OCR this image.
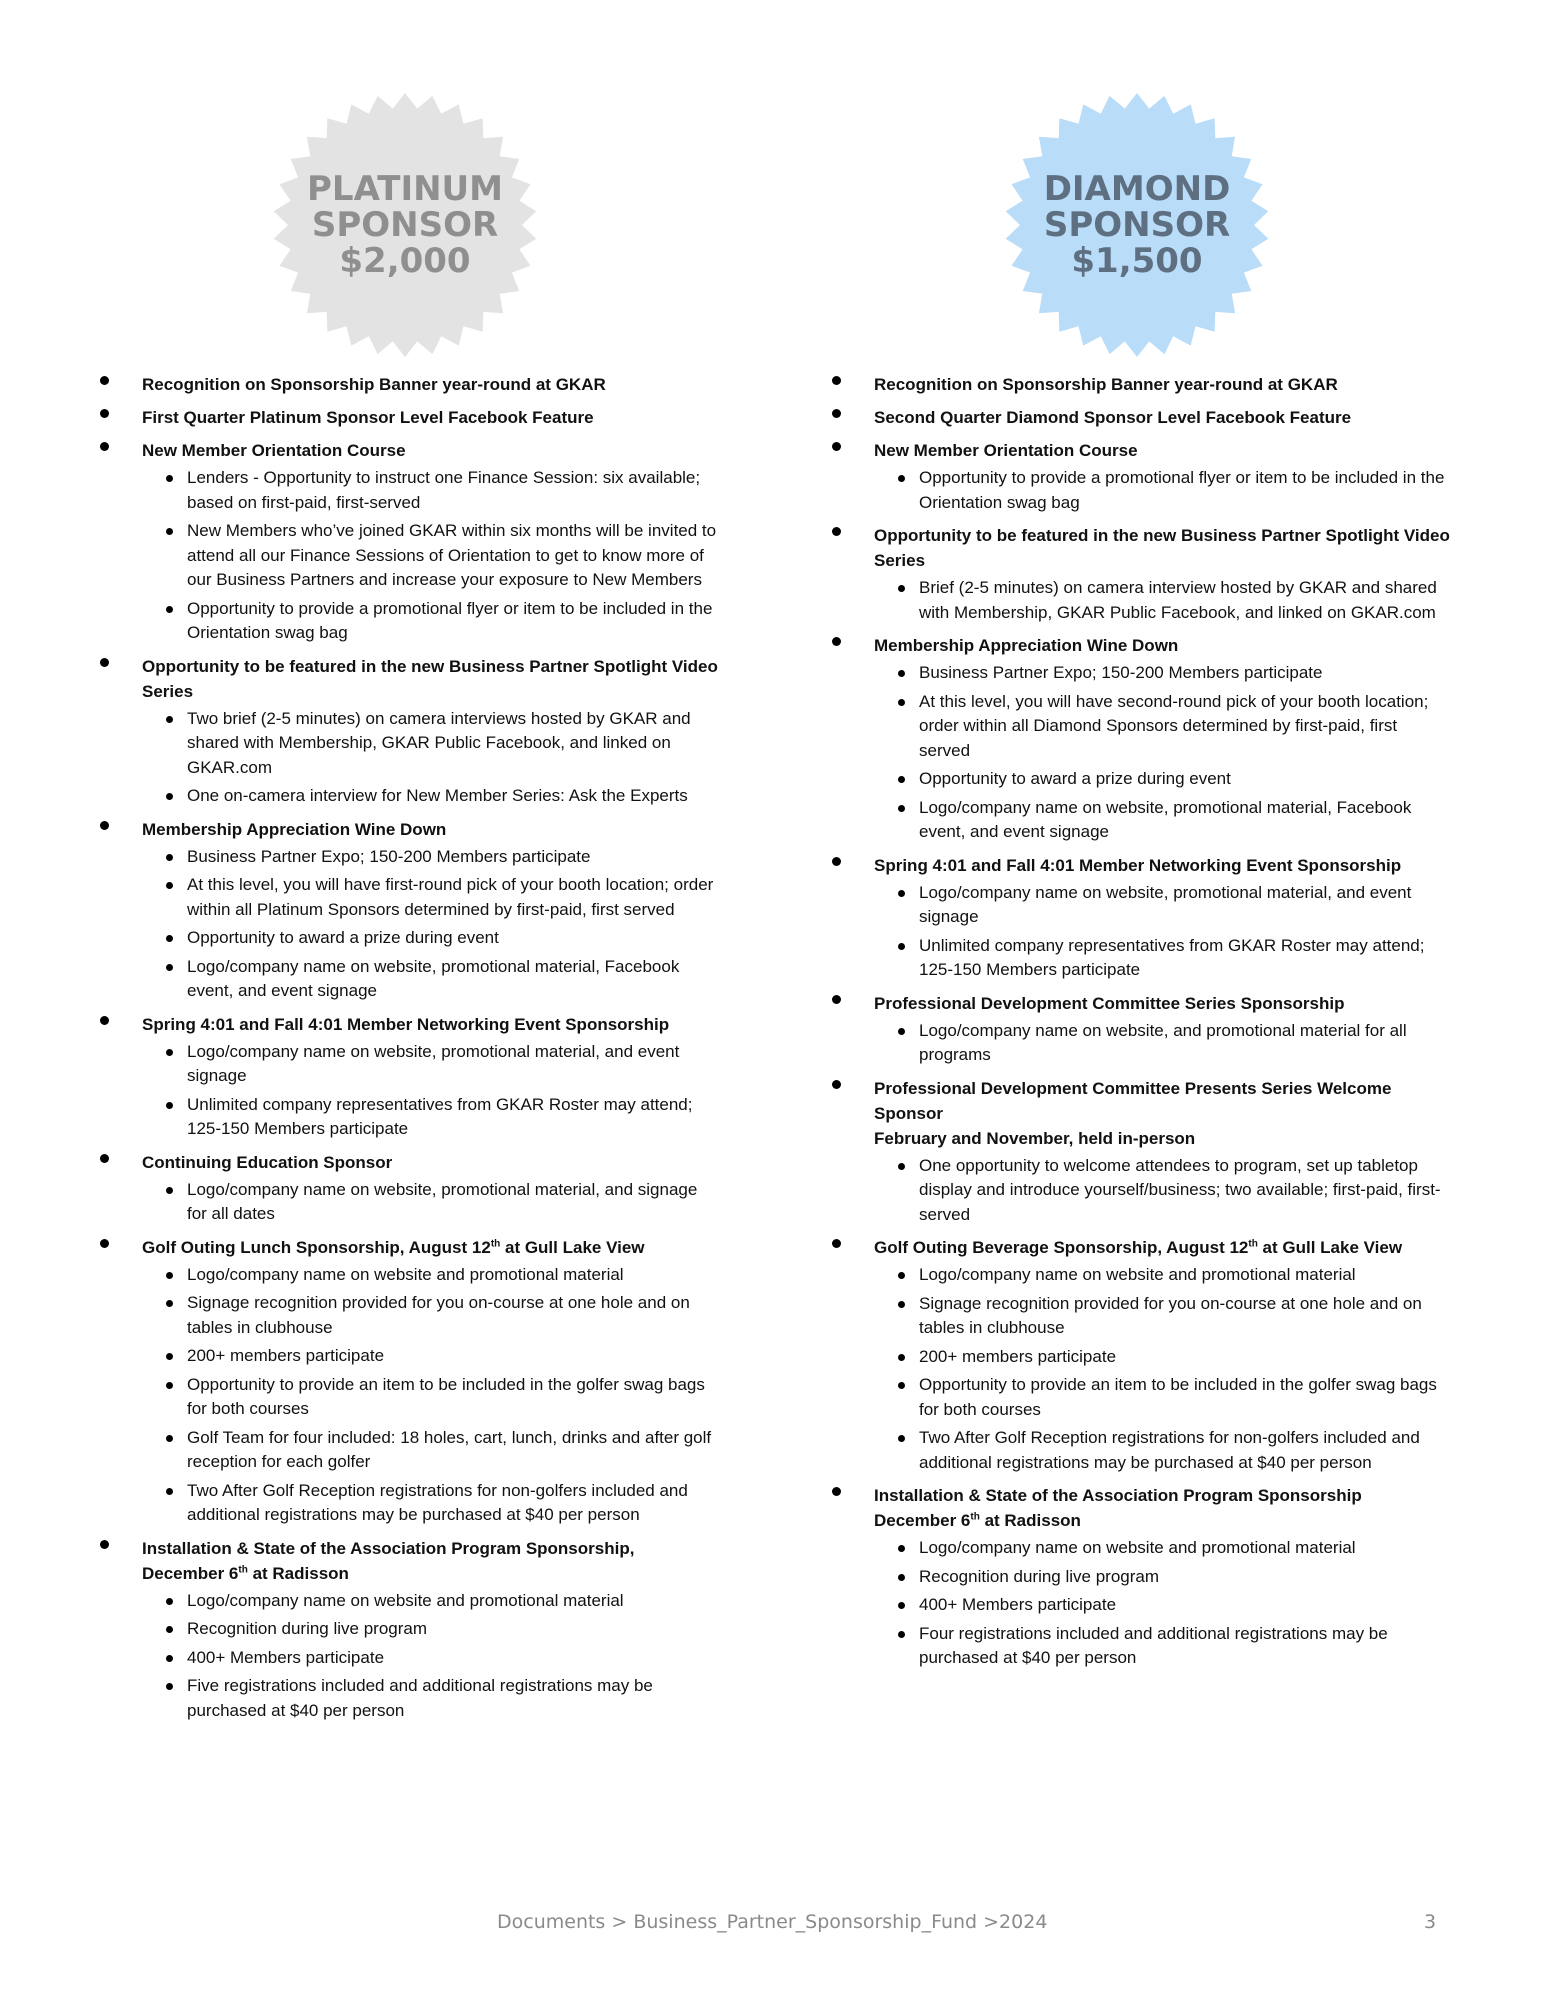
PLATINUM
SPONSOR
$2,000
Recognition on Sponsorship Banner year-round at GKAR
First Quarter Platinum Sponsor Level Facebook Feature
New Member Orientation Course
Lenders - Opportunity to instruct one Finance Session: six available; based on first-paid, first-served
New Members who’ve joined GKAR within six months will be invited to attend all our Finance Sessions of Orientation to get to know more of our Business Partners and increase your exposure to New Members
Opportunity to provide a promotional flyer or item to be included in the Orientation swag bag
Opportunity to be featured in the new Business Partner Spotlight Video Series
Two brief (2-5 minutes) on camera interviews hosted by GKAR and shared with Membership, GKAR Public Facebook, and linked on GKAR.com
One on-camera interview for New Member Series: Ask the Experts
Membership Appreciation Wine Down
Business Partner Expo; 150-200 Members participate
At this level, you will have first-round pick of your booth location; order within all Platinum Sponsors determined by first-paid, first served
Opportunity to award a prize during event
Logo/company name on website, promotional material, Facebook event, and event signage
Spring 4:01 and Fall 4:01 Member Networking Event Sponsorship
Logo/company name on website, promotional material, and event signage
Unlimited company representatives from GKAR Roster may attend; 125-150 Members participate
Continuing Education Sponsor
Logo/company name on website, promotional material, and signage for all dates
Golf Outing Lunch Sponsorship, August 12th at Gull Lake View
Logo/company name on website and promotional material
Signage recognition provided for you on-course at one hole and on tables in clubhouse
200+ members participate
Opportunity to provide an item to be included in the golfer swag bags for both courses
Golf Team for four included: 18 holes, cart, lunch, drinks and after golf reception for each golfer
Two After Golf Reception registrations for non-golfers included and additional registrations may be purchased at $40 per person
Installation & State of the Association Program Sponsorship,
December 6th at Radisson
Logo/company name on website and promotional material
Recognition during live program
400+ Members participate
Five registrations included and additional registrations may be purchased at $40 per person
DIAMOND
SPONSOR
$1,500
Recognition on Sponsorship Banner year-round at GKAR
Second Quarter Diamond Sponsor Level Facebook Feature
New Member Orientation Course
Opportunity to provide a promotional flyer or item to be included in the Orientation swag bag
Opportunity to be featured in the new Business Partner Spotlight Video Series
Brief (2-5 minutes) on camera interview hosted by GKAR and shared with Membership, GKAR Public Facebook, and linked on GKAR.com
Membership Appreciation Wine Down
Business Partner Expo; 150-200 Members participate
At this level, you will have second-round pick of your booth location; order within all Diamond Sponsors determined by first-paid, first served
Opportunity to award a prize during event
Logo/company name on website, promotional material, Facebook event, and event signage
Spring 4:01 and Fall 4:01 Member Networking Event Sponsorship
Logo/company name on website, promotional material, and event signage
Unlimited company representatives from GKAR Roster may attend; 125-150 Members participate
Professional Development Committee Series Sponsorship
Logo/company name on website, and promotional material for all programs
Professional Development Committee Presents Series Welcome Sponsor
February and November, held in-person
One opportunity to welcome attendees to program, set up tabletop display and introduce yourself/business; two available; first-paid, first-served
Golf Outing Beverage Sponsorship, August 12th at Gull Lake View
Logo/company name on website and promotional material
Signage recognition provided for you on-course at one hole and on tables in clubhouse
200+ members participate
Opportunity to provide an item to be included in the golfer swag bags for both courses
Two After Golf Reception registrations for non-golfers included and additional registrations may be purchased at $40 per person
Installation & State of the Association Program Sponsorship
December 6th at Radisson
Logo/company name on website and promotional material
Recognition during live program
400+ Members participate
Four registrations included and additional registrations may be purchased at $40 per person
Documents > Business_Partner_Sponsorship_Fund >2024	3
